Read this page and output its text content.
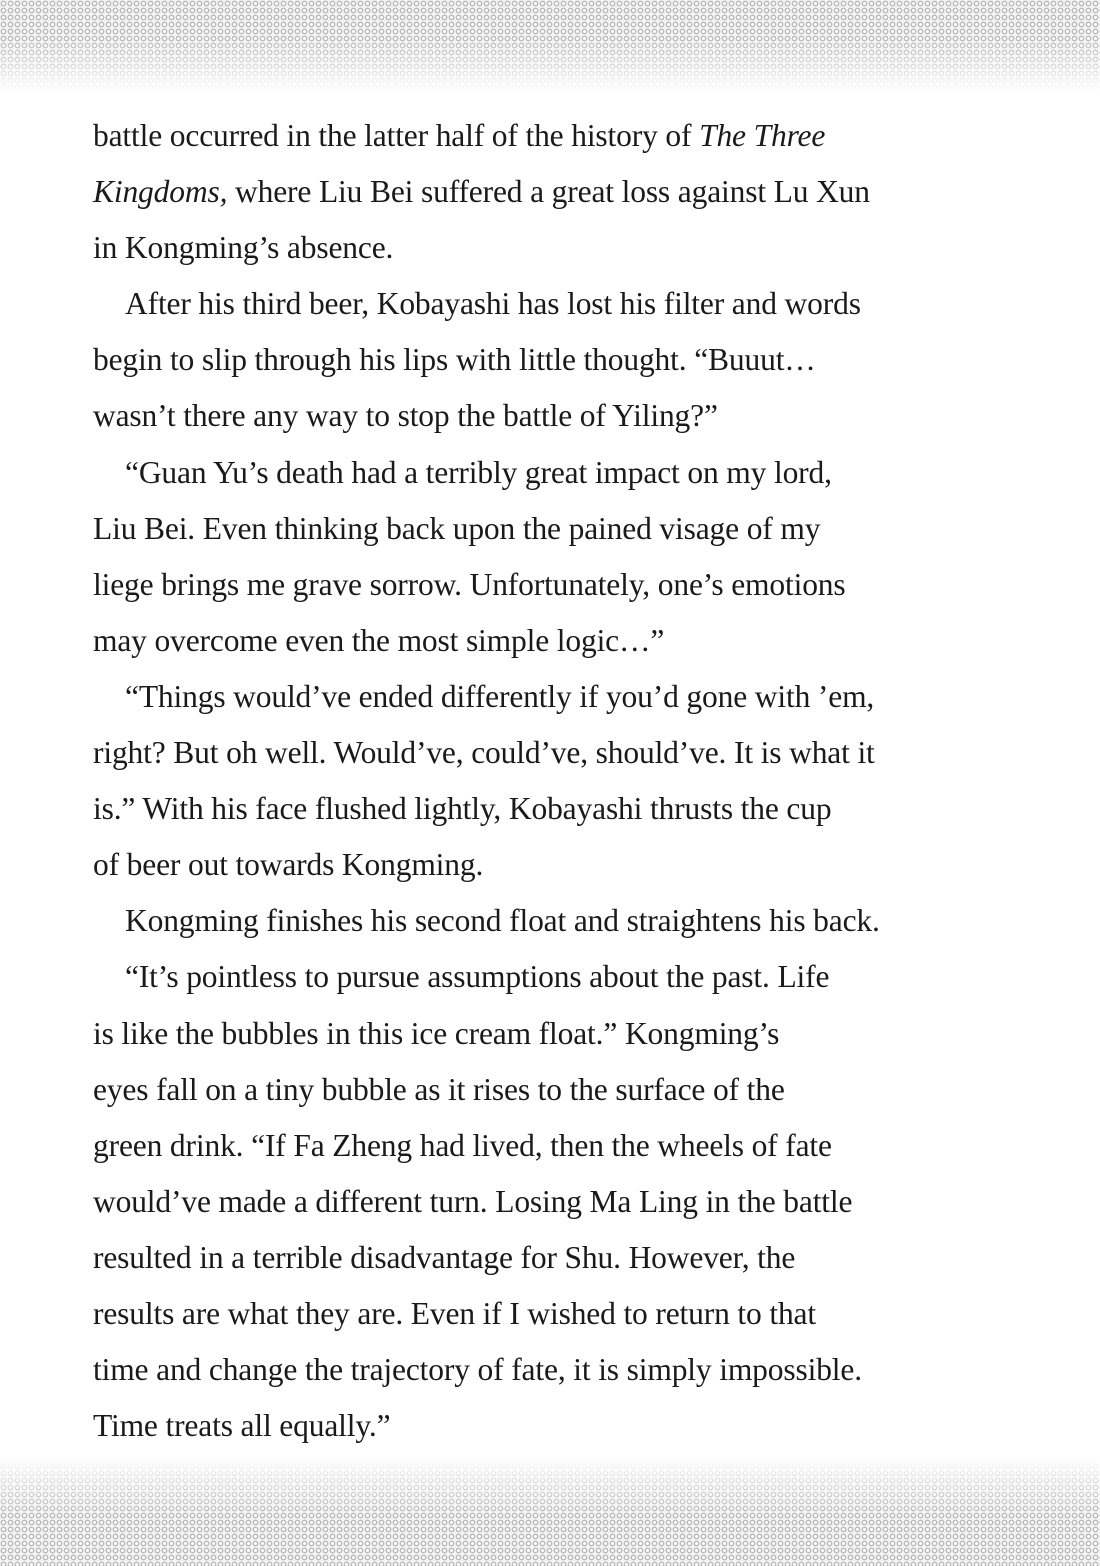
battle occurred in the latter half of the history of The Three
Kingdoms, where Liu Bei suffered a great loss against Lu Xun
in Kongming’s absence.
After his third beer, Kobayashi has lost his filter and words
begin to slip through his lips with little thought. “Buuut…
wasn’t there any way to stop the battle of Yiling?”
“Guan Yu’s death had a terribly great impact on my lord,
Liu Bei. Even thinking back upon the pained visage of my
liege brings me grave sorrow. Unfortunately, one’s emotions
may overcome even the most simple logic…”
“Things would’ve ended differently if you’d gone with ’em,
right? But oh well. Would’ve, could’ve, should’ve. It is what it
is.” With his face flushed lightly, Kobayashi thrusts the cup
of beer out towards Kongming.
Kongming finishes his second float and straightens his back.
“It’s pointless to pursue assumptions about the past. Life
is like the bubbles in this ice cream float.” Kongming’s
eyes fall on a tiny bubble as it rises to the surface of the
green drink. “If Fa Zheng had lived, then the wheels of fate
would’ve made a different turn. Losing Ma Ling in the battle
resulted in a terrible disadvantage for Shu. However, the
results are what they are. Even if I wished to return to that
time and change the trajectory of fate, it is simply impossible.
Time treats all equally.”
